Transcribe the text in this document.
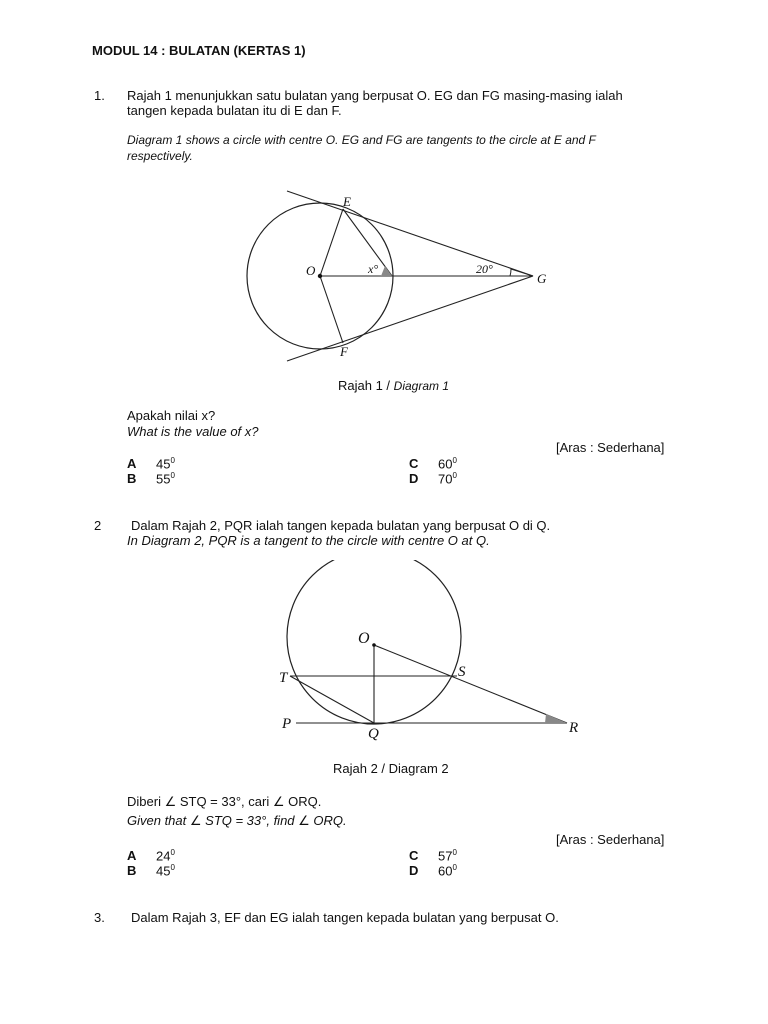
MODUL 14 : BULATAN (KERTAS 1)
1. Rajah 1 menunjukkan satu bulatan yang berpusat O. EG dan FG masing-masing ialah
tangen kepada bulatan itu di E dan F.
Diagram 1 shows a circle with centre O. EG and FG are tangents to the circle at E and F
respectively.
E
O
F
G
x°	20°
Rajah 1 / Diagram 1
Apakah nilai x?
What is the value of x?
[Aras : Sederhana]
A $45^0$
B $55^0$
C $60^0$
D $70^0$
2 Dalam Rajah 2, PQR ialah tangen kepada bulatan yang berpusat O di Q.
In Diagram 2, PQR is a tangent to the circle with centre O at Q.
O
T	S
P
Q	R
Rajah 2 / Diagram 2
Diberi ∠ STQ = 33°, cari ∠ ORQ.
Given that ∠ STQ = 33°, find ∠ ORQ.
[Aras : Sederhana]
A $24^0$
B $45^0$
C $57^0$
D $60^0$
3. Dalam Rajah 3, EF dan EG ialah tangen kepada bulatan yang berpusat O.
